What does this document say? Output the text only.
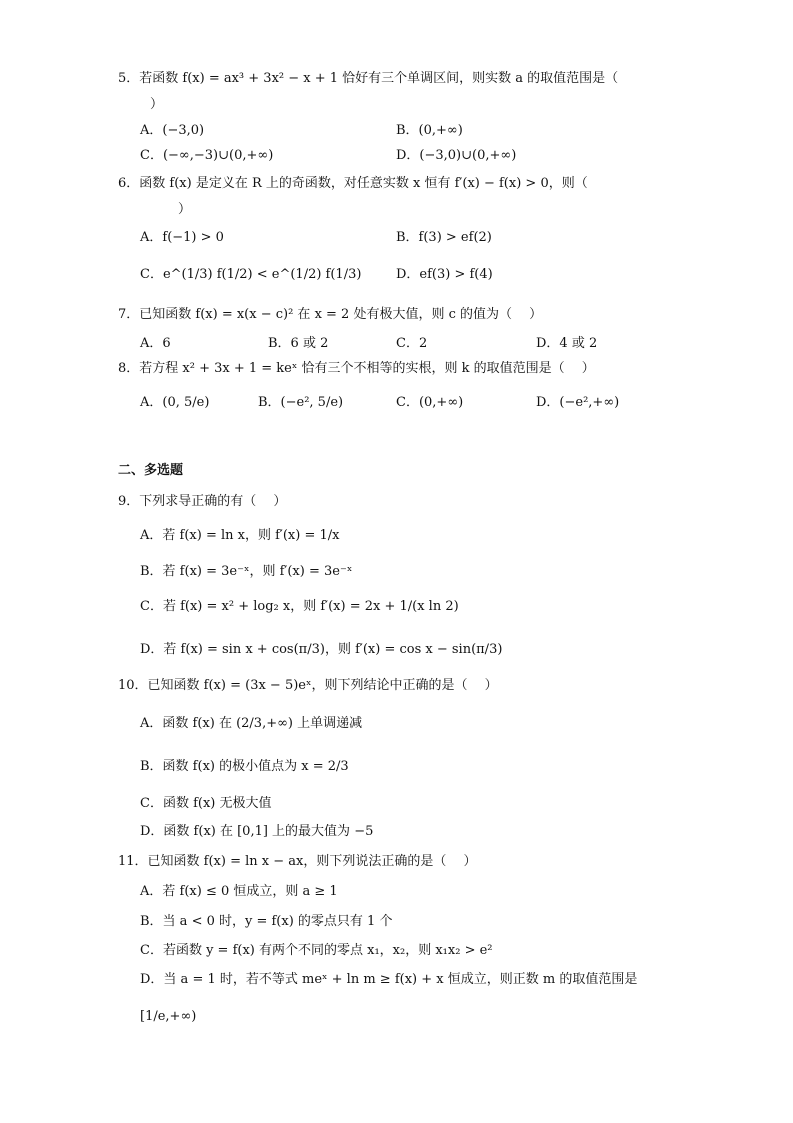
5．若函数 f(x) = ax³ + 3x² − x + 1 恰好有三个单调区间，则实数 a 的取值范围是（
）
A．(−3,0)	B．(0,+∞)
C．(−∞,−3)∪(0,+∞)	D．(−3,0)∪(0,+∞)
6．函数 f(x) 是定义在 R 上的奇函数，对任意实数 x 恒有 f′(x) − f(x) > 0，则（
）
A．f(−1) > 0	B．f(3) > ef(2)
C．e^(1/3) f(1/2) < e^(1/2) f(1/3)	D．ef(3) > f(4)
7．已知函数 f(x) = x(x − c)² 在 x = 2 处有极大值，则 c 的值为（　 ）
A．6	B．6 或 2	C．2	D．4 或 2
8．若方程 x² + 3x + 1 = keˣ 恰有三个不相等的实根，则 k 的取值范围是（　 ）
A．(0, 5/e)	B．(−e², 5/e)	C．(0,+∞)	D．(−e²,+∞)
二、多选题
9．下列求导正确的有（　 ）
A．若 f(x) = ln x，则 f′(x) = 1/x
B．若 f(x) = 3e⁻ˣ，则 f′(x) = 3e⁻ˣ
C．若 f(x) = x² + log₂ x，则 f′(x) = 2x + 1/(x ln 2)
D．若 f(x) = sin x + cos(π/3)，则 f′(x) = cos x − sin(π/3)
10．已知函数 f(x) = (3x − 5)eˣ，则下列结论中正确的是（　 ）
A．函数 f(x) 在 (2/3,+∞) 上单调递减
B．函数 f(x) 的极小值点为 x = 2/3
C．函数 f(x) 无极大值
D．函数 f(x) 在 [0,1] 上的最大值为 −5
11．已知函数 f(x) = ln x − ax，则下列说法正确的是（　 ）
A．若 f(x) ≤ 0 恒成立，则 a ≥ 1
B．当 a < 0 时，y = f(x) 的零点只有 1 个
C．若函数 y = f(x) 有两个不同的零点 x₁，x₂，则 x₁x₂ > e²
D．当 a = 1 时，若不等式 meˣ + ln m ≥ f(x) + x 恒成立，则正数 m 的取值范围是
[1/e,+∞)
